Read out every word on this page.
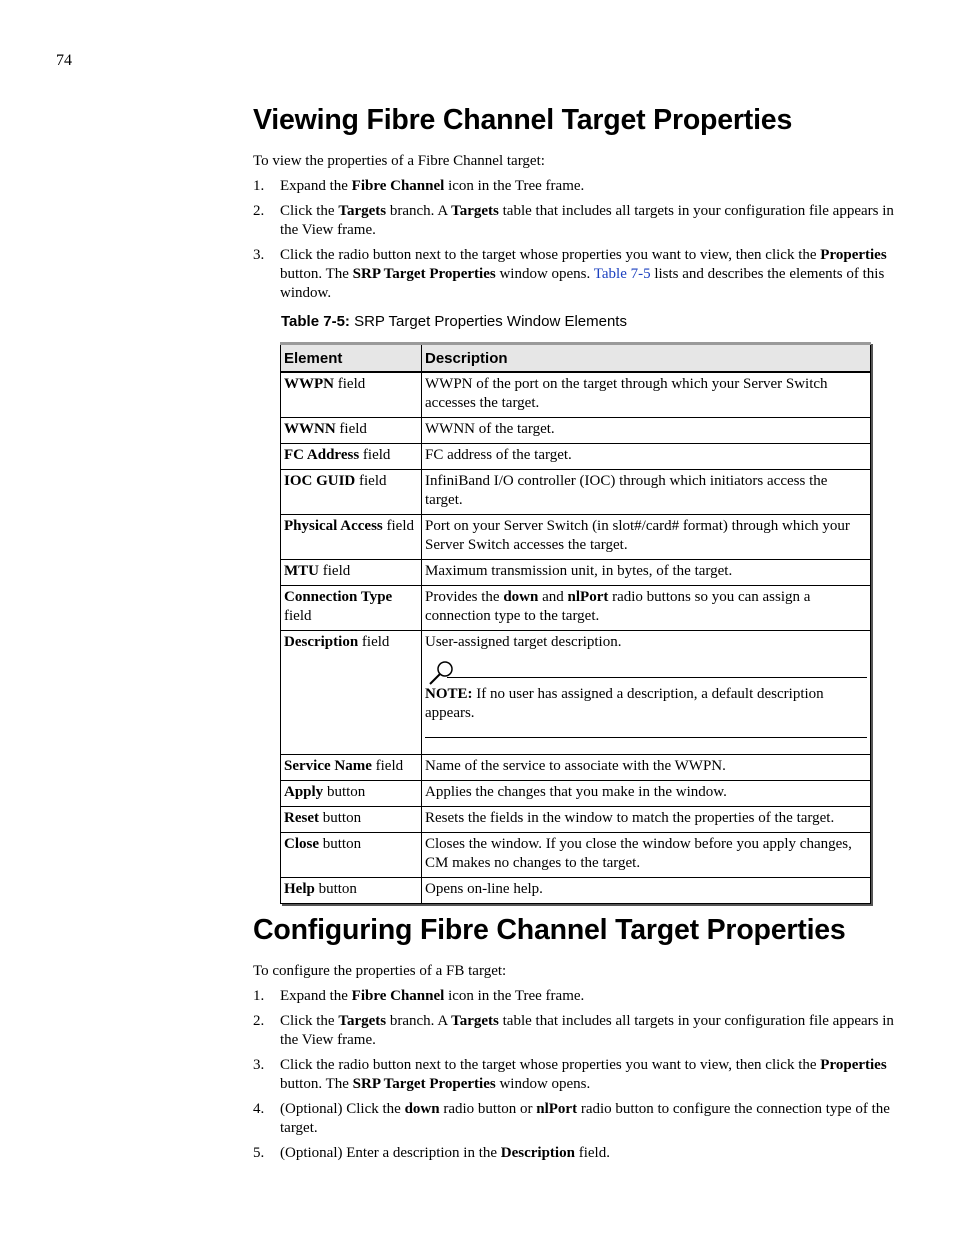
74
Viewing Fibre Channel Target Properties

To view the properties of a Fibre Channel target:

1. Expand the Fibre Channel icon in the Tree frame.
2. Click the Targets branch. A Targets table that includes all targets in your configuration file appears in the View frame.
3. Click the radio button next to the target whose properties you want to view, then click the Properties button. The SRP Target Properties window opens. Table 7-5 lists and describes the elements of this window.
Table 7-5: SRP Target Properties Window Elements
Element	Description
WWPN field	WWPN of the port on the target through which your Server Switch accesses the target.

WWNN field	WWNN of the target.

FC Address field	FC address of the target.

IOC GUID field	InfiniBand I/O controller (IOC) through which initiators access the target.

Physical Access field	Port on your Server Switch (in slot#/card# format) through which your Server Switch accesses the target.

MTU field	Maximum transmission unit, in bytes, of the target.

Connection Type field	Provides the down and nlPort radio buttons so you can assign a connection type to the target.
Description field	User-assigned target description.
NOTE: If no user has assigned a description, a default description appears.

Service Name field	Name of the service to associate with the WWPN.

Apply button	Applies the changes that you make in the window.

Reset button	Resets the fields in the window to match the properties of the target.

Close button	Closes the window. If you close the window before you apply changes, CM makes no changes to the target.

Help button	Opens on-line help.
Configuring Fibre Channel Target Properties

To configure the properties of a FB target:

1. Expand the Fibre Channel icon in the Tree frame.
2. Click the Targets branch. A Targets table that includes all targets in your configuration file appears in the View frame.
3. Click the radio button next to the target whose properties you want to view, then click the Properties button. The SRP Target Properties window opens.
4. (Optional) Click the down radio button or nlPort radio button to configure the connection type of the target.
5. (Optional) Enter a description in the Description field.
